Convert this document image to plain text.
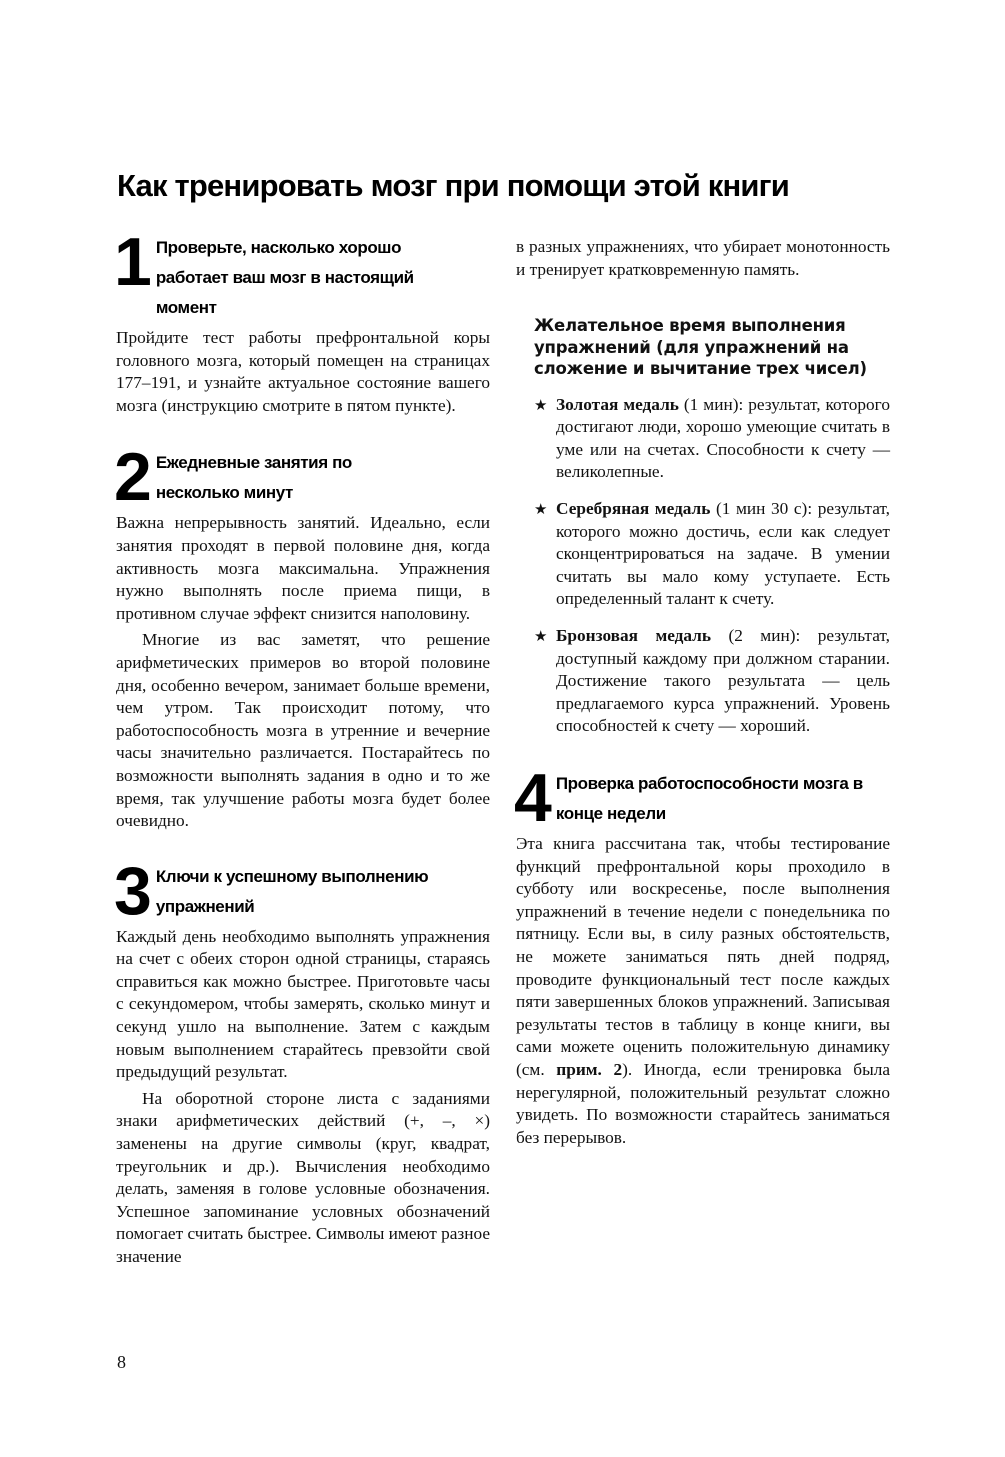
Как тренировать мозг при помощи этой книги
1 Проверьте, насколько хорошо работает ваш мозг в настоящий момент

Пройдите тест работы префронтальной коры головного мозга, который помещен на страницах 177–191, и узнайте актуальное состояние вашего мозга (инструкцию смотрите в пятом пункте).

2 Ежедневные занятия по несколько минут

Важна непрерывность занятий. Идеально, если занятия проходят в первой половине дня, когда активность мозга максимальна. Упражнения нужно выполнять после приема пищи, в противном случае эффект снизится наполовину.

Многие из вас заметят, что решение арифметических примеров во второй половине дня, особенно вечером, занимает больше времени, чем утром. Так происходит потому, что работоспособность мозга в утренние и вечерние часы значительно различается. Постарайтесь по возможности выполнять задания в одно и то же время, так улучшение работы мозга будет более очевидно.

3 Ключи к успешному выполнению упражнений

Каждый день необходимо выполнять упражнения на счет с обеих сторон одной страницы, стараясь справиться как можно быстрее. Приготовьте часы с секундомером, чтобы замерять, сколько минут и секунд ушло на выполнение. Затем с каждым новым выполнением старайтесь превзойти свой предыдущий результат.

На оборотной стороне листа с заданиями знаки арифметических действий (+, –, ×) заменены на другие символы (круг, квадрат, треугольник и др.). Вычисления необходимо делать, заменяя в голове условные обозначения. Успешное запоминание условных обозначений помогает считать быстрее. Символы имеют разное значение

в разных упражнениях, что убирает монотонность и тренирует кратковременную память.

Желательное время выполнения упражнений (для упражнений на сложение и вычитание трех чисел)

★ Золотая медаль (1 мин): результат, которого достигают люди, хорошо умеющие считать в уме или на счетах. Способности к счету — великолепные.

★ Серебряная медаль (1 мин 30 с): результат, которого можно достичь, если как следует сконцентрироваться на задаче. В умении считать вы мало кому уступаете. Есть определенный талант к счету.

★ Бронзовая медаль (2 мин): результат, доступный каждому при должном старании. Достижение такого результата — цель предлагаемого курса упражнений. Уровень способностей к счету — хороший.

4 Проверка работоспособности мозга в конце недели

Эта книга рассчитана так, чтобы тестирование функций префронтальной коры проходило в субботу или воскресенье, после выполнения упражнений в течение недели с понедельника по пятницу. Если вы, в силу разных обстоятельств, не можете заниматься пять дней подряд, проводите функциональный тест после каждых пяти завершенных блоков упражнений. Записывая результаты тестов в таблицу в конце книги, вы сами можете оценить положительную динамику (см. прим. 2). Иногда, если тренировка была нерегулярной, положительный результат сложно увидеть. По возможности старайтесь заниматься без перерывов.

8
